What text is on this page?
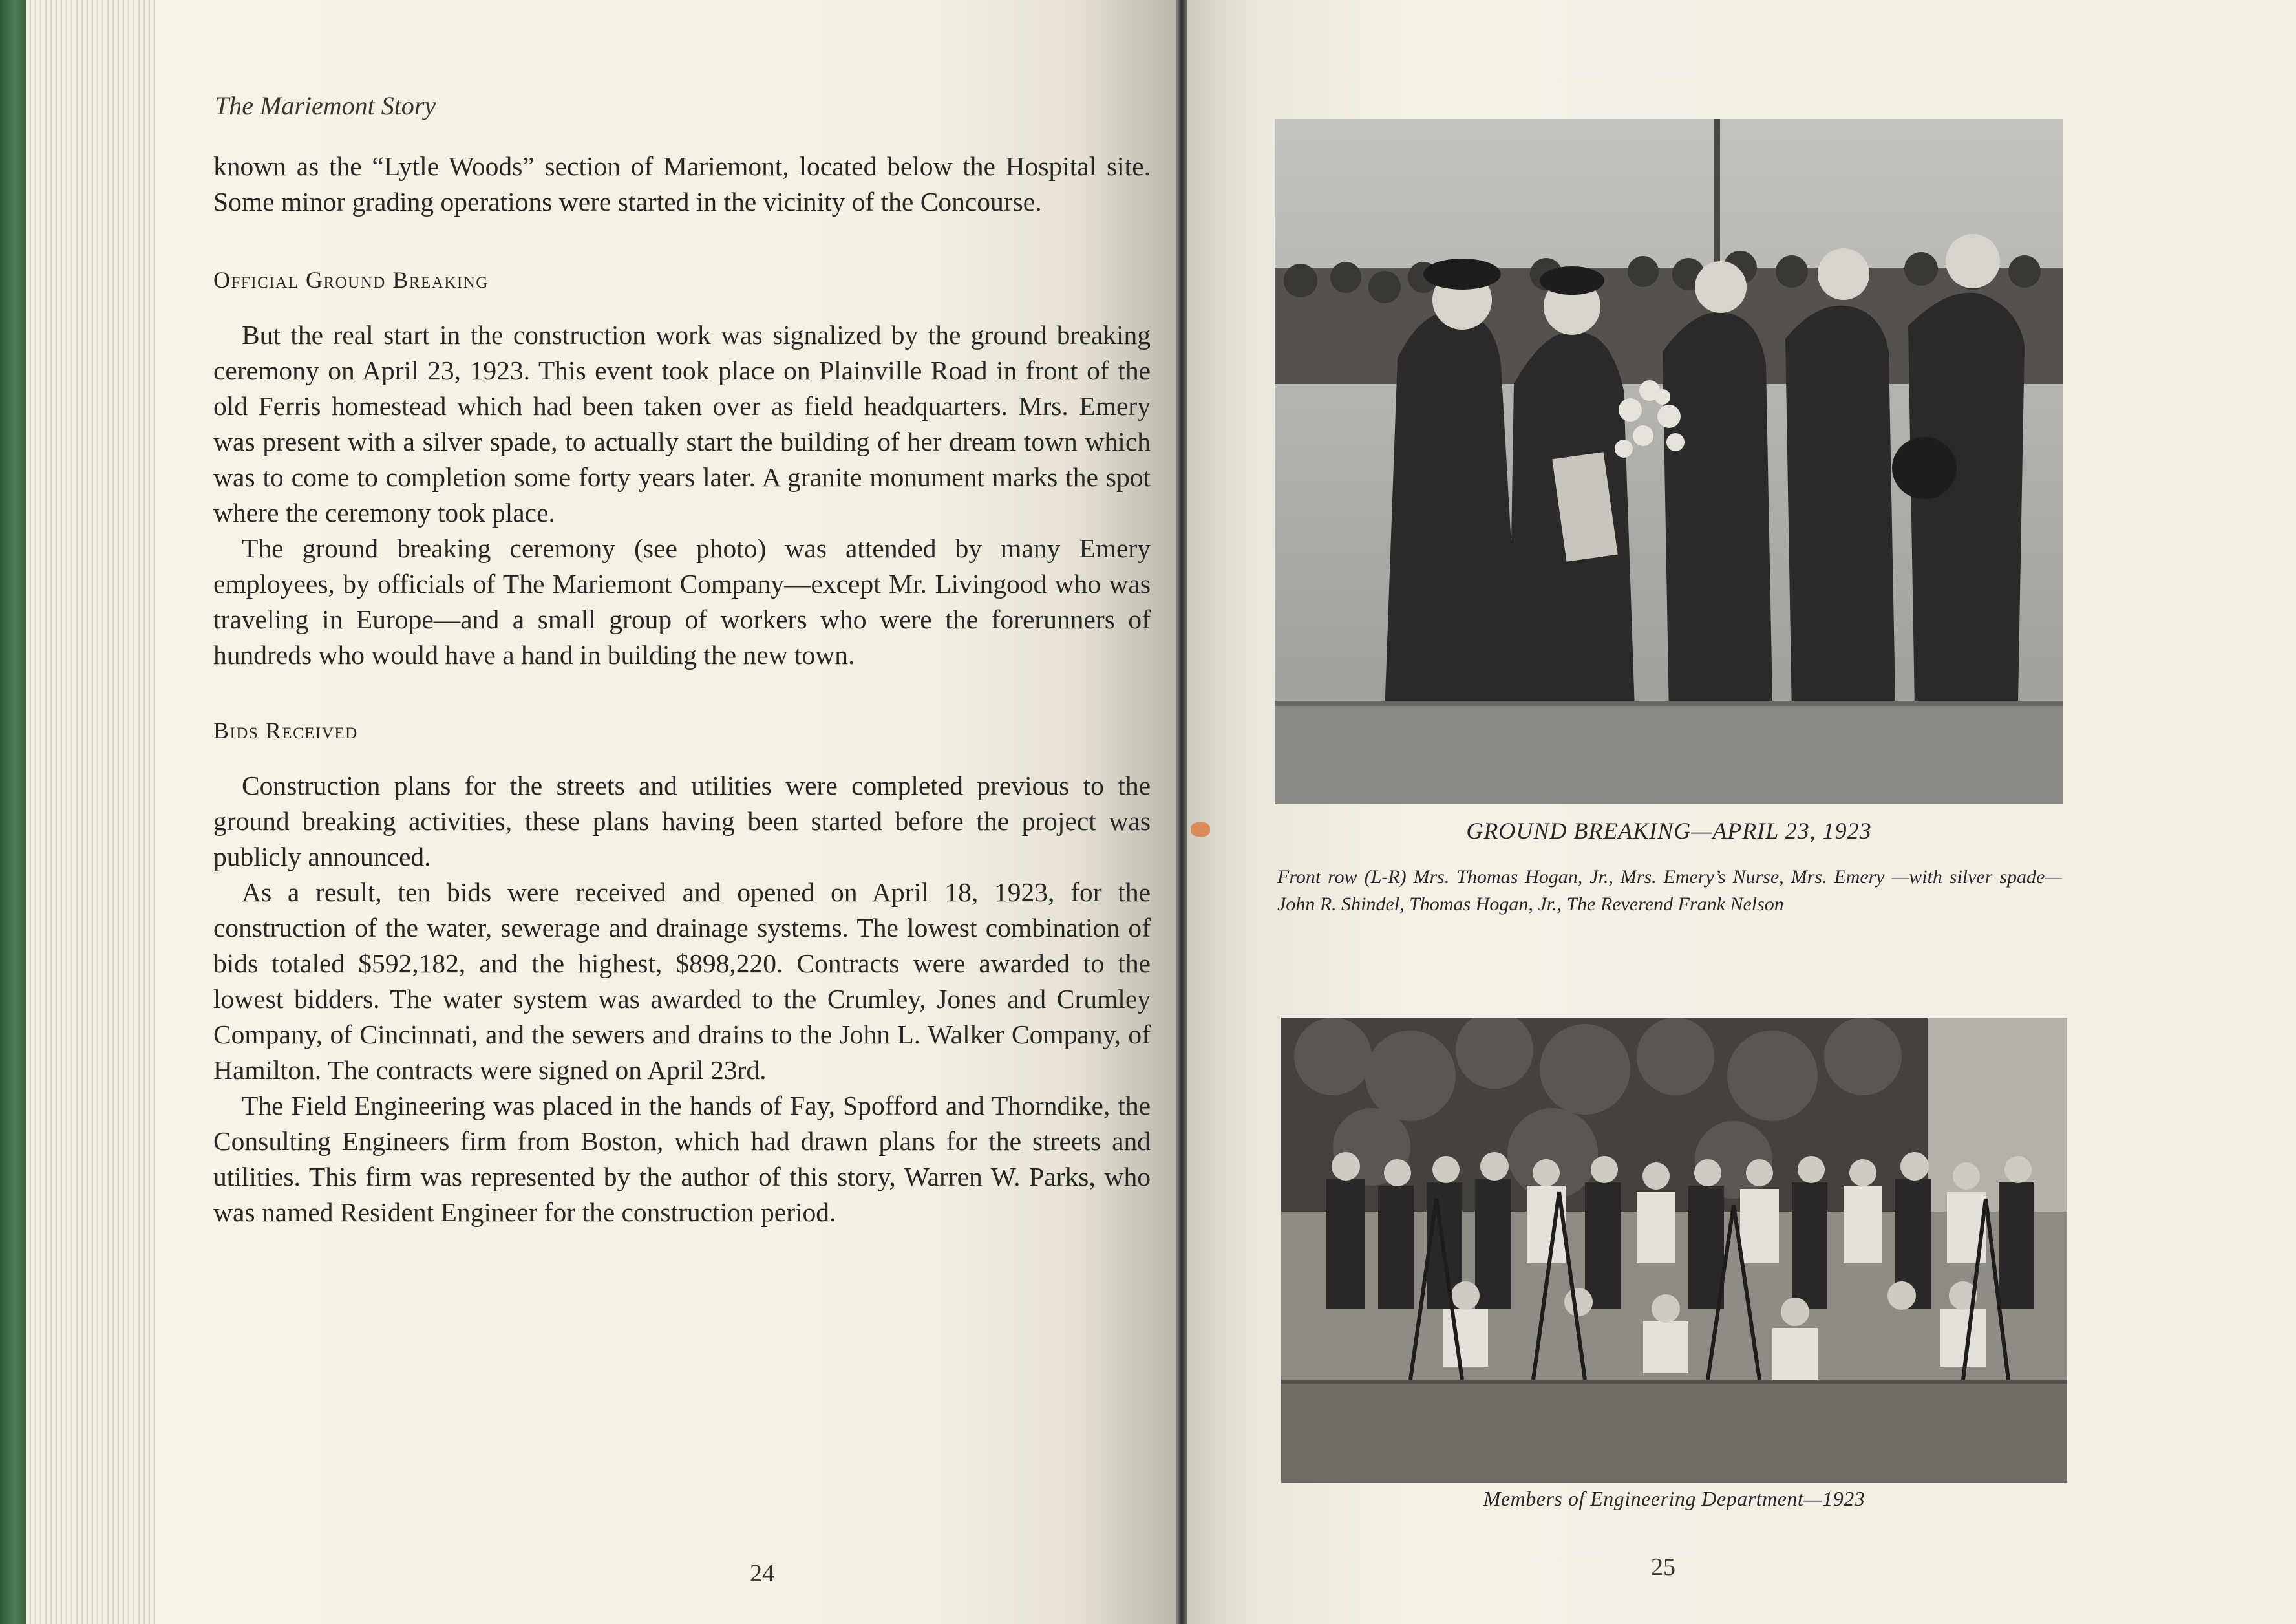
The Mariemont Story

known as the “Lytle Woods” section of Mariemont, located below the Hospital site. Some minor grading operations were started in the vicinity of the Concourse.

Official Ground Breaking

But the real start in the construction work was signalized by the ground breaking ceremony on April 23, 1923. This event took place on Plainville Road in front of the old Ferris homestead which had been taken over as field headquarters. Mrs. Emery was present with a silver spade, to actually start the building of her dream town which was to come to completion some forty years later. A granite monument marks the spot where the ceremony took place.

The ground breaking ceremony (see photo) was attended by many Emery employees, by officials of The Mariemont Company—except Mr. Livingood who was traveling in Europe—and a small group of workers who were the forerunners of hundreds who would have a hand in building the new town.

Bids Received

Construction plans for the streets and utilities were completed previous to the ground breaking activities, these plans having been started before the project was publicly announced.

As a result, ten bids were received and opened on April 18, 1923, for the construction of the water, sewerage and drainage systems. The lowest combination of bids totaled $592,182, and the highest, $898,220. Contracts were awarded to the lowest bidders. The water system was awarded to the Crumley, Jones and Crumley Company, of Cincinnati, and the sewers and drains to the John L. Walker Company, of Hamilton. The contracts were signed on April 23rd.

The Field Engineering was placed in the hands of Fay, Spofford and Thorndike, the Consulting Engineers firm from Boston, which had drawn plans for the streets and utilities. This firm was represented by the author of this story, Warren W. Parks, who was named Resident Engineer for the construction period.

24
GROUND BREAKING—APRIL 23, 1923
Front row (L-R) Mrs. Thomas Hogan, Jr., Mrs. Emery’s Nurse, Mrs. Emery —with silver spade—John R. Shindel, Thomas Hogan, Jr., The Reverend Frank Nelson
Members of Engineering Department—1923
25
